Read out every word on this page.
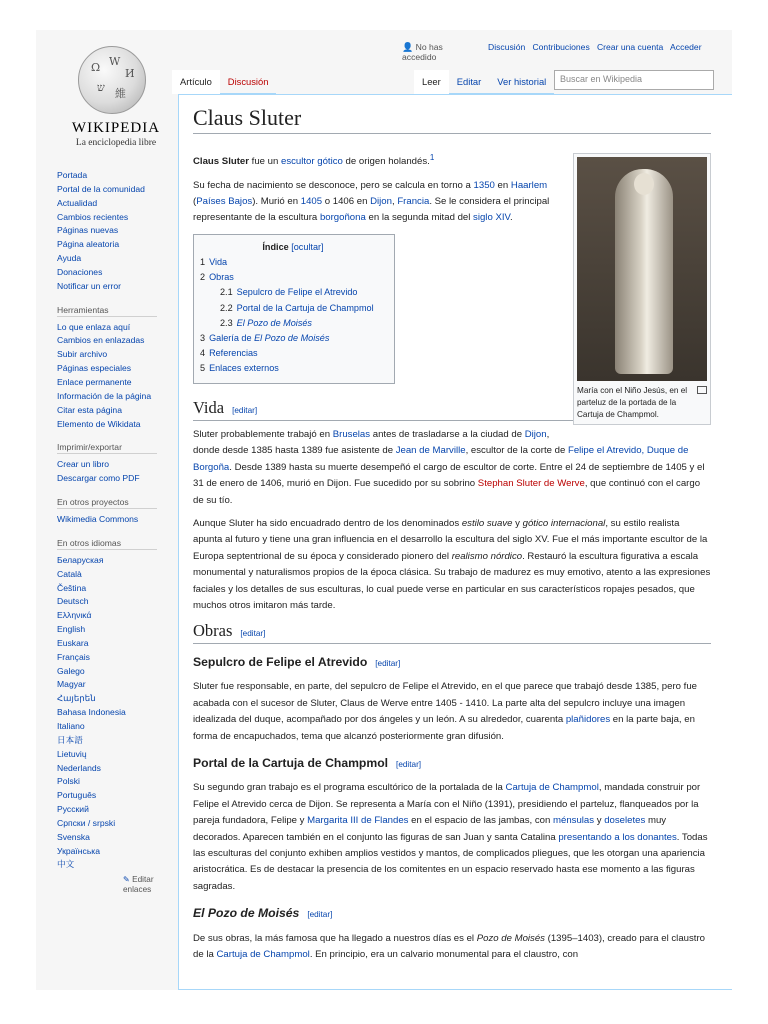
Ω W
И
ש 維
WIKIPEDIA
La enciclopedia libre
Portada
Portal de la comunidad
Actualidad
Cambios recientes
Páginas nuevas
Página aleatoria
Ayuda
Donaciones
Notificar un error
Herramientas
Lo que enlaza aquí
Cambios en enlazadas
Subir archivo
Páginas especiales
Enlace permanente
Información de la página
Citar esta página
Elemento de Wikidata
Imprimir/exportar
Crear un libro
Descargar como PDF
En otros proyectos
Wikimedia Commons
En otros idiomas
Беларуская
Català
Čeština
Deutsch
Ελληνικά
English
Euskara
Français
Galego
Magyar
Հայերեն
Bahasa Indonesia
Italiano
日本語
Lietuvių
Nederlands
Polski
Português
Русский
Српски / srpski
Svenska
Українська
中文
✎ Editar enlaces
👤 No has accedido
Discusión Contribuciones Crear una cuenta Acceder
Artículo	Discusión	Leer	Editar	Ver historial	Buscar en Wikipedia
Claus Sluter
María con el Niño Jesús, en el parteluz de la portada de la Cartuja de Champmol.

Claus Sluter fue un escultor gótico de origen holandés.$^1$

Su fecha de nacimiento se desconoce, pero se calcula en torno a 1350 en Haarlem (Países Bajos). Murió en 1405 o 1406 en Dijon, Francia. Se le considera el principal representante de la escultura borgoñona en la segunda mitad del siglo XIV.

Índice [ocultar]
1 Vida
2 Obras
2.1 Sepulcro de Felipe el Atrevido
2.2 Portal de la Cartuja de Champmol
2.3 El Pozo de Moisés
3 Galería de El Pozo de Moisés
4 Referencias
5 Enlaces externos
Vida [editar]

Sluter probablemente trabajó en Bruselas antes de trasladarse a la ciudad de Dijon, donde desde 1385 hasta 1389 fue asistente de Jean de Marville, escultor de la corte de Felipe el Atrevido, Duque de Borgoña. Desde 1389 hasta su muerte desempeñó el cargo de escultor de corte. Entre el 24 de septiembre de 1405 y el 31 de enero de 1406, murió en Dijon. Fue sucedido por su sobrino Stephan Sluter de Werve, que continuó con el cargo de su tío.

Aunque Sluter ha sido encuadrado dentro de los denominados estilo suave y gótico internacional, su estilo realista apunta al futuro y tiene una gran influencia en el desarrollo la escultura del siglo XV. Fue el más importante escultor de la Europa septentrional de su época y considerado pionero del realismo nórdico. Restauró la escultura figurativa a escala monumental y naturalismos propios de la época clásica. Su trabajo de madurez es muy emotivo, atento a las expresiones faciales y los detalles de sus esculturas, lo cual puede verse en particular en sus característicos ropajes pesados, que muchos otros imitaron más tarde.

Obras [editar]
Sepulcro de Felipe el Atrevido [editar]

Sluter fue responsable, en parte, del sepulcro de Felipe el Atrevido, en el que parece que trabajó desde 1385, pero fue acabada con el sucesor de Sluter, Claus de Werve entre 1405 - 1410. La parte alta del sepulcro incluye una imagen idealizada del duque, acompañado por dos ángeles y un león. A su alrededor, cuarenta plañidores en la parte baja, en forma de encapuchados, tema que alcanzó posteriormente gran difusión.

Portal de la Cartuja de Champmol [editar]

Su segundo gran trabajo es el programa escultórico de la portalada de la Cartuja de Champmol, mandada construir por Felipe el Atrevido cerca de Dijon. Se representa a María con el Niño (1391), presidiendo el parteluz, flanqueados por la pareja fundadora, Felipe y Margarita III de Flandes en el espacio de las jambas, con ménsulas y doseletes muy decorados. Aparecen también en el conjunto las figuras de san Juan y santa Catalina presentando a los donantes. Todas las esculturas del conjunto exhiben amplios vestidos y mantos, de complicados pliegues, que les otorgan una apariencia aristocrática. Es de destacar la presencia de los comitentes en un espacio reservado hasta ese momento a las figuras sagradas.

El Pozo de Moisés [editar]

De sus obras, la más famosa que ha llegado a nuestros días es el Pozo de Moisés (1395–1403), creado para el claustro de la Cartuja de Champmol. En principio, era un calvario monumental para el claustro, con
